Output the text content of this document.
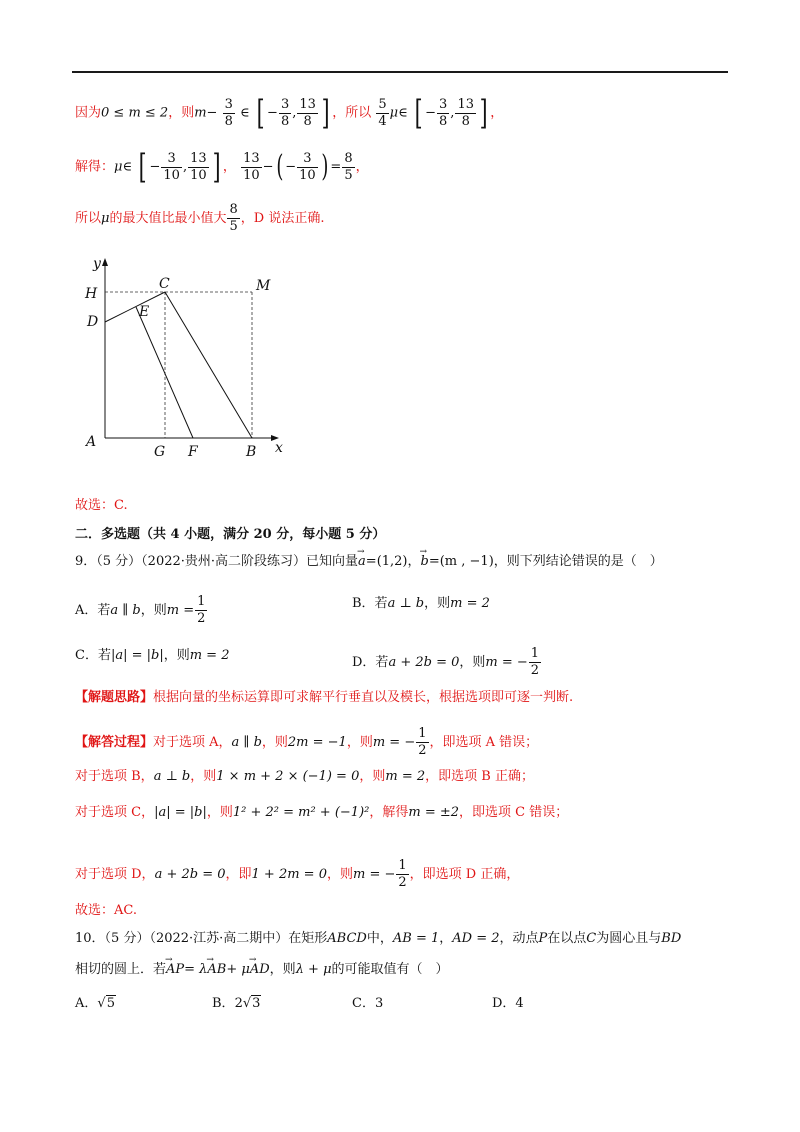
因为0 ≤ m ≤ 2，则$m- \frac{3}{8}$ ∈ [ − $\frac{3}{8}$ , $\frac{13}{8}$ ] ，所以 $\frac{5}{4}$ μ∈ [ − $\frac{3}{8}$ , $\frac{13}{8}$ ] ，
解得：μ∈ [ − $\frac{3}{10}$ , $\frac{13}{10}$ ] ， $\frac{13}{10}$ −( − $\frac{3}{10}$ ) = $\frac{8}{5}$ ，
所以μ的最大值比最小值大 $\frac{8}{5}$ ，D 说法正确.
y
x
H
C	M
D
E
A
G F	B
故选：C.
二．多选题（共 4 小题，满分 20 分，每小题 5 分）
9．（5 分）（2022·贵州·高二阶段练习）已知向量→ a=(1,2)，→ b=(m , −1)，则下列结论错误的是（　）
A．若a ∥ b，则$m = \frac{1}{2}$	B．若a ⊥ b，则m = 2
C．若|a| = |b|，则m = 2	D．若a + 2b = 0，则m = − $\frac{1}{2}$
【解题思路】根据向量的坐标运算即可求解平行垂直以及模长，根据选项即可逐一判断.
【解答过程】对于选项 A，a ∥ b，则2m = −1，则m = − $\frac{1}{2}$ ，即选项 A 错误；
对于选项 B，a ⊥ b，则1 × m + 2 × (−1) = 0，则m = 2，即选项 B 正确；
对于选项 C，|a| = |b|，则1² + 2² = m² + (−1)²，解得m = ±2，即选项 C 错误；
对于选项 D，a + 2b = 0，即1 + 2m = 0，则m = − $\frac{1}{2}$ ，即选项 D 正确，
故选：AC.
10．（5 分）（2022·江苏·高二期中）在矩形ABCD中，AB = 1，AD = 2，动点P在以点C为圆心且与BD
相切的圆上．若→ AP= λ→ AB+ μ→ AD，则λ + μ的可能取值有（　）
A．√5	B．2√3	C．3	D．4
